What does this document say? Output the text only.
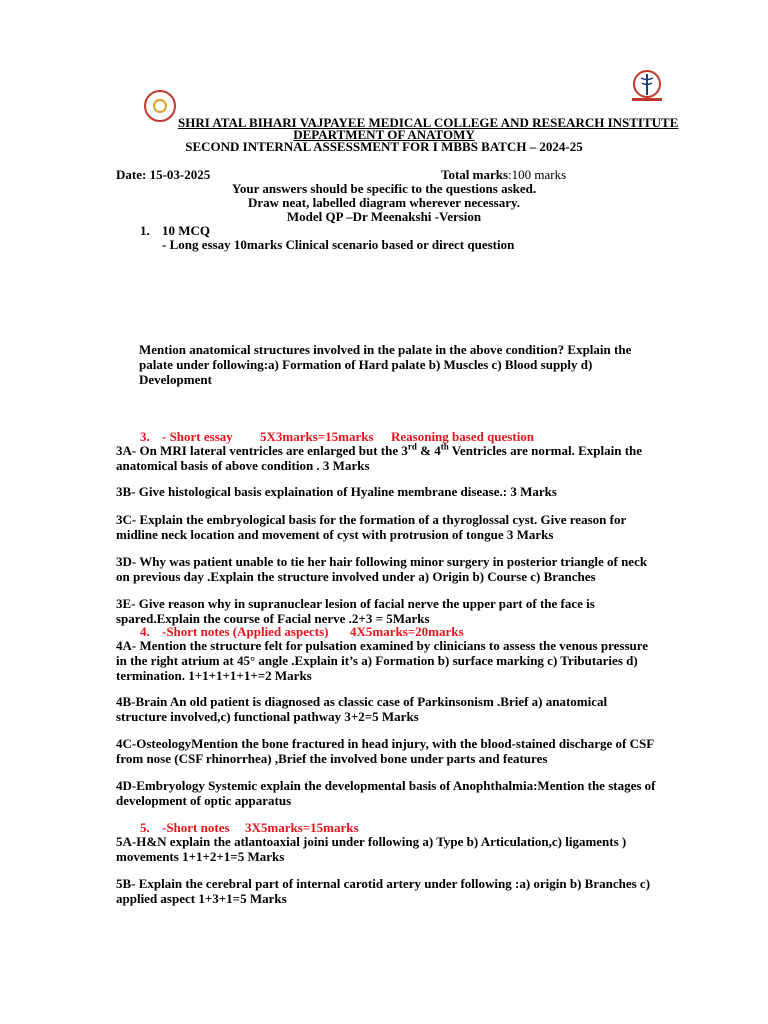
SHRI ATAL BIHARI VAJPAYEE MEDICAL COLLEGE AND RESEARCH INSTITUTE
DEPARTMENT OF ANATOMY
SECOND INTERNAL ASSESSMENT FOR I MBBS BATCH – 2024-25
Date: 15-03-2025	Total marks:100 marks
Your answers should be specific to the questions asked.
Draw neat, labelled diagram wherever necessary.
Model QP –Dr Meenakshi -Version
1. 10 MCQ
- Long essay 10marks Clinical scenario based or direct question
Mention anatomical structures involved in the palate in the above condition? Explain the
palate under following:a) Formation of Hard palate b) Muscles c) Blood supply d)
Development
3. - Short essay 5X3marks=15marks Reasoning based question
3A- On MRI lateral ventricles are enlarged but the 3rd & 4th Ventricles are normal. Explain the
anatomical basis of above condition . 3 Marks
3B- Give histological basis explaination of Hyaline membrane disease.: 3 Marks
3C- Explain the embryological basis for the formation of a thyroglossal cyst. Give reason for
midline neck location and movement of cyst with protrusion of tongue 3 Marks
3D- Why was patient unable to tie her hair following minor surgery in posterior triangle of neck
on previous day .Explain the structure involved under a) Origin b) Course c) Branches
3E- Give reason why in supranuclear lesion of facial nerve the upper part of the face is
spared.Explain the course of Facial nerve .2+3 = 5Marks
4. -Short notes (Applied aspects) 4X5marks=20marks
4A- Mention the structure felt for pulsation examined by clinicians to assess the venous pressure
in the right atrium at 45° angle .Explain it’s a) Formation b) surface marking c) Tributaries d)
termination. 1+1+1+1+1+=2 Marks
4B-Brain An old patient is diagnosed as classic case of Parkinsonism .Brief a) anatomical
structure involved,c) functional pathway 3+2=5 Marks
4C-OsteologyMention the bone fractured in head injury, with the blood-stained discharge of CSF
from nose (CSF rhinorrhea) ,Brief the involved bone under parts and features
4D-Embryology Systemic explain the developmental basis of Anophthalmia:Mention the stages of
development of optic apparatus
5. -Short notes 3X5marks=15marks
5A-H&N explain the atlantoaxial joini under following a) Type b) Articulation,c) ligaments )
movements 1+1+2+1=5 Marks
5B- Explain the cerebral part of internal carotid artery under following :a) origin b) Branches c)
applied aspect 1+3+1=5 Marks
